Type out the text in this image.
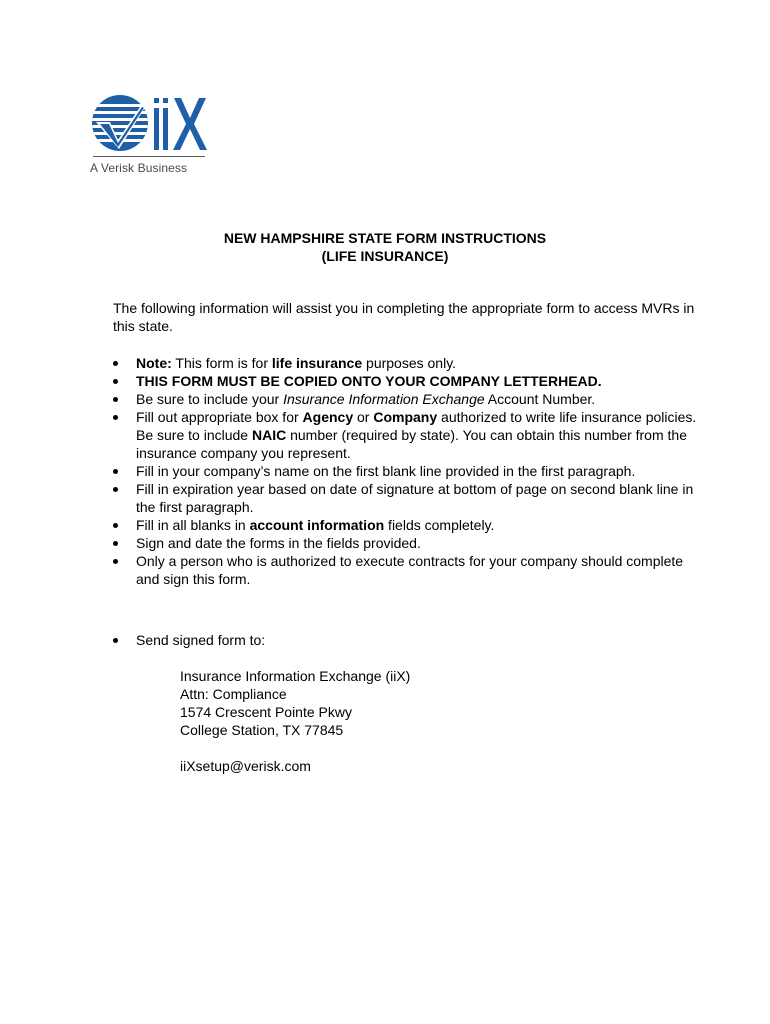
A Verisk Business
NEW HAMPSHIRE STATE FORM INSTRUCTIONS
(LIFE INSURANCE)
The following information will assist you in completing the appropriate form to access MVRs in this state.
Note: This form is for life insurance purposes only.
THIS FORM MUST BE COPIED ONTO YOUR COMPANY LETTERHEAD.
Be sure to include your Insurance Information Exchange Account Number.
Fill out appropriate box for Agency or Company authorized to write life insurance policies. Be sure to include NAIC number (required by state). You can obtain this number from the insurance company you represent.
Fill in your company’s name on the first blank line provided in the first paragraph.
Fill in expiration year based on date of signature at bottom of page on second blank line in the first paragraph.
Fill in all blanks in account information fields completely.
Sign and date the forms in the fields provided.
Only a person who is authorized to execute contracts for your company should complete and sign this form.
Send signed form to:
Insurance Information Exchange (iiX)
Attn: Compliance
1574 Crescent Pointe Pkwy
College Station, TX 77845
iiXsetup@verisk.com
